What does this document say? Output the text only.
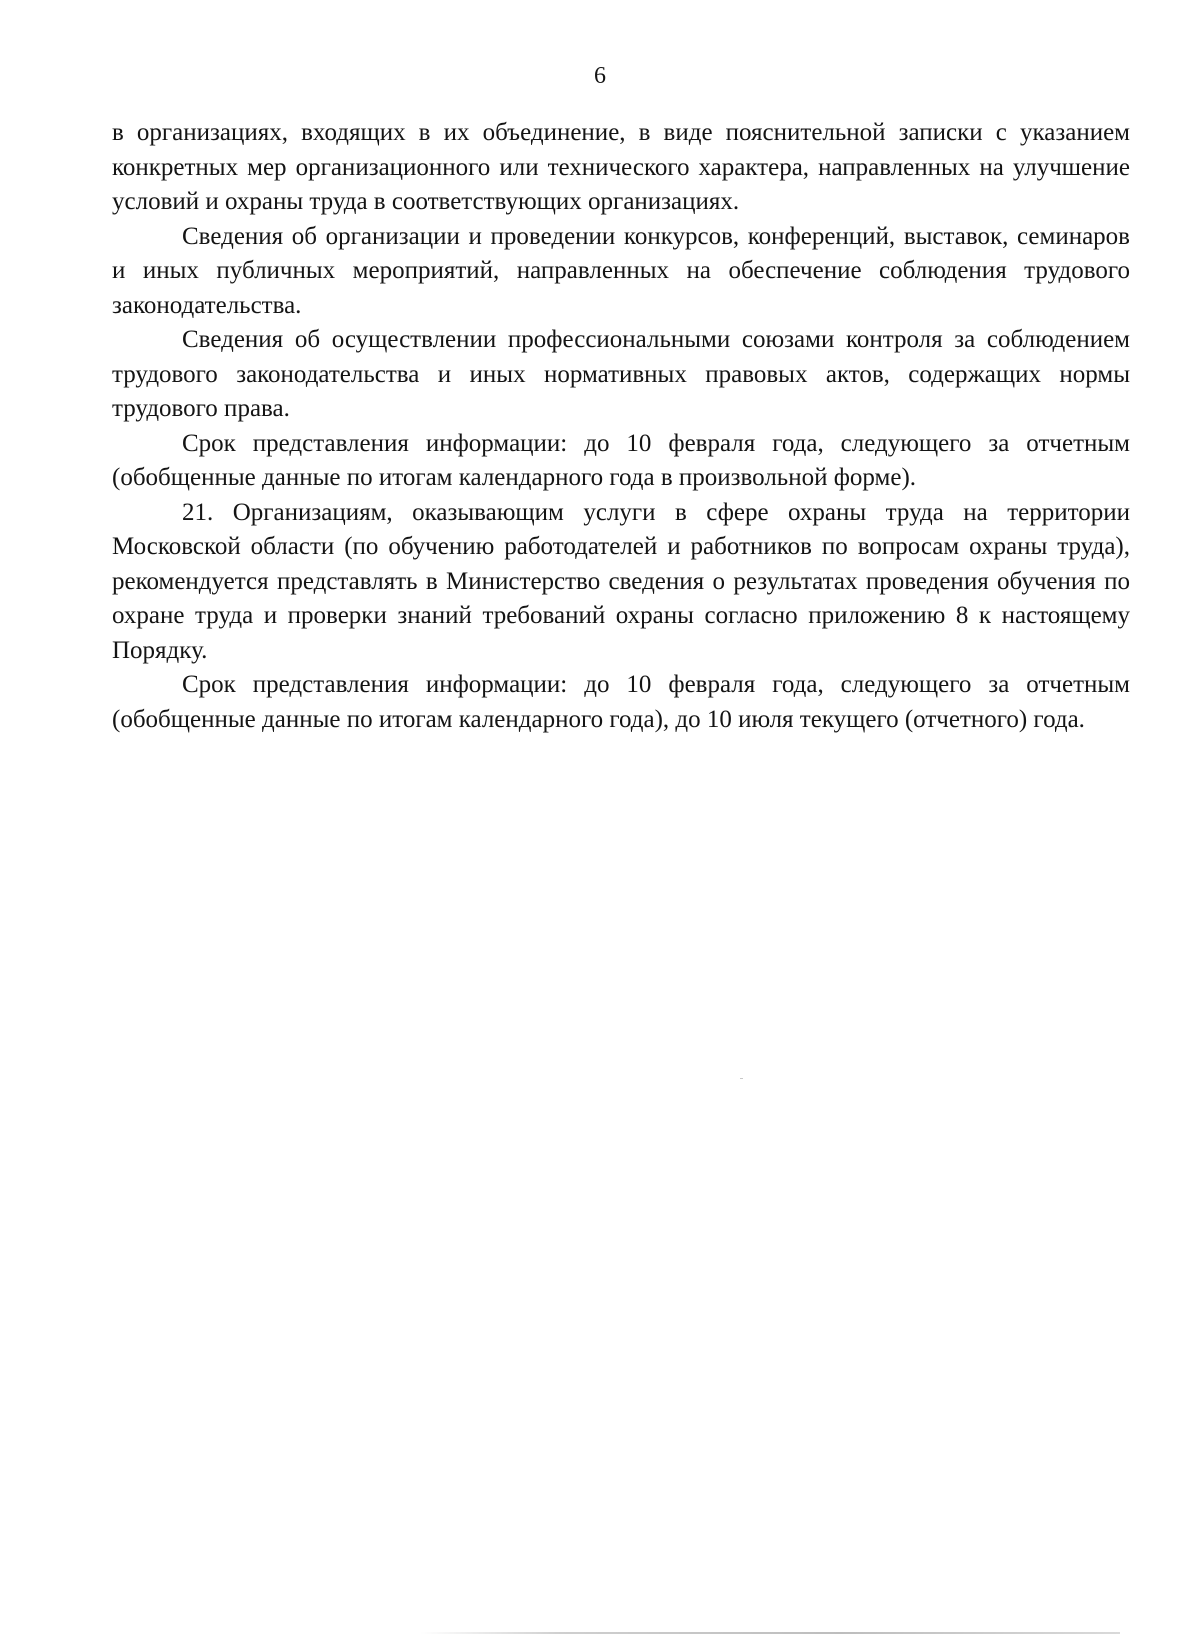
6

в организациях, входящих в их объединение, в виде пояснительной записки с указанием конкретных мер организационного или технического характера, направленных на улучшение условий и охраны труда в соответствующих организациях.

Сведения об организации и проведении конкурсов, конференций, выставок, семинаров и иных публичных мероприятий, направленных на обеспечение соблюдения трудового законодательства.

Сведения об осуществлении профессиональными союзами контроля за соблюдением трудового законодательства и иных нормативных правовых актов, содержащих нормы трудового права.

Срок представления информации: до 10 февраля года, следующего за отчетным (обобщенные данные по итогам календарного года в произвольной форме).

21. Организациям, оказывающим услуги в сфере охраны труда на территории Московской области (по обучению работодателей и работников по вопросам охраны труда), рекомендуется представлять в Министерство сведения о результатах проведения обучения по охране труда и проверки знаний требований охраны согласно приложению 8 к настоящему Порядку.

Срок представления информации: до 10 февраля года, следующего за отчетным (обобщенные данные по итогам календарного года), до 10 июля текущего (отчетного) года.
